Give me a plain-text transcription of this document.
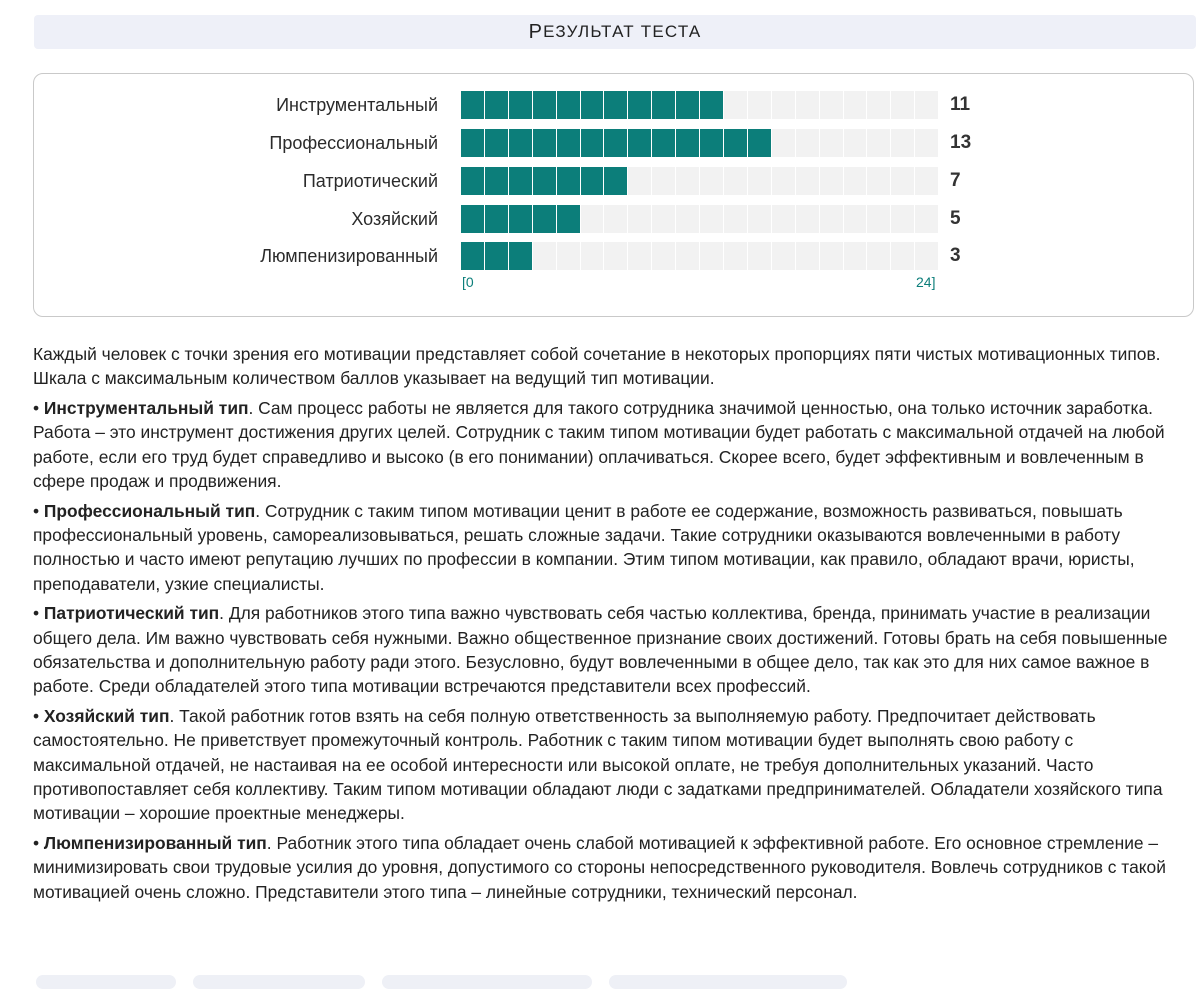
Р ЕЗУЛЬТАТ ТЕСТА
Инструментальный	11
Профессиональный	13
Патриотический	7
Хозяйский	5
Люмпенизированный	3
[0	24]

Каждый человек с точки зрения его мотивации представляет собой сочетание в некоторых пропорциях пяти чистых мотивационных типов. Шкала с максимальным количеством баллов указывает на ведущий тип мотивации.

• Инструментальный тип. Сам процесс работы не является для такого сотрудника значимой ценностью, она только источник заработка. Работа – это инструмент достижения других целей. Сотрудник с таким типом мотивации будет работать с максимальной отдачей на любой работе, если его труд будет справедливо и высоко (в его понимании) оплачиваться. Скорее всего, будет эффективным и вовлеченным в сфере продаж и продвижения.

• Профессиональный тип. Сотрудник с таким типом мотивации ценит в работе ее содержание, возможность развиваться, повышать профессиональный уровень, самореализовываться, решать сложные задачи. Такие сотрудники оказываются вовлеченными в работу полностью и часто имеют репутацию лучших по профессии в компании. Этим типом мотивации, как правило, обладают врачи, юристы, преподаватели, узкие специалисты.

• Патриотический тип. Для работников этого типа важно чувствовать себя частью коллектива, бренда, принимать участие в реализации общего дела. Им важно чувствовать себя нужными. Важно общественное признание своих достижений. Готовы брать на себя повышенные обязательства и дополнительную работу ради этого. Безусловно, будут вовлеченными в общее дело, так как это для них самое важное в работе. Среди обладателей этого типа мотивации встречаются представители всех профессий.

• Хозяйский тип. Такой работник готов взять на себя полную ответственность за выполняемую работу. Предпочитает действовать самостоятельно. Не приветствует промежуточный контроль. Работник с таким типом мотивации будет выполнять свою работу с максимальной отдачей, не настаивая на ее особой интересности или высокой оплате, не требуя дополнительных указаний. Часто противопоставляет себя коллективу. Таким типом мотивации обладают люди с задатками предпринимателей. Обладатели хозяйского типа мотивации – хорошие проектные менеджеры.

• Люмпенизированный тип. Работник этого типа обладает очень слабой мотивацией к эффективной работе. Его основное стремление – минимизировать свои трудовые усилия до уровня, допустимого со стороны непосредственного руководителя. Вовлечь сотрудников с такой мотивацией очень сложно. Представители этого типа – линейные сотрудники, технический персонал.
